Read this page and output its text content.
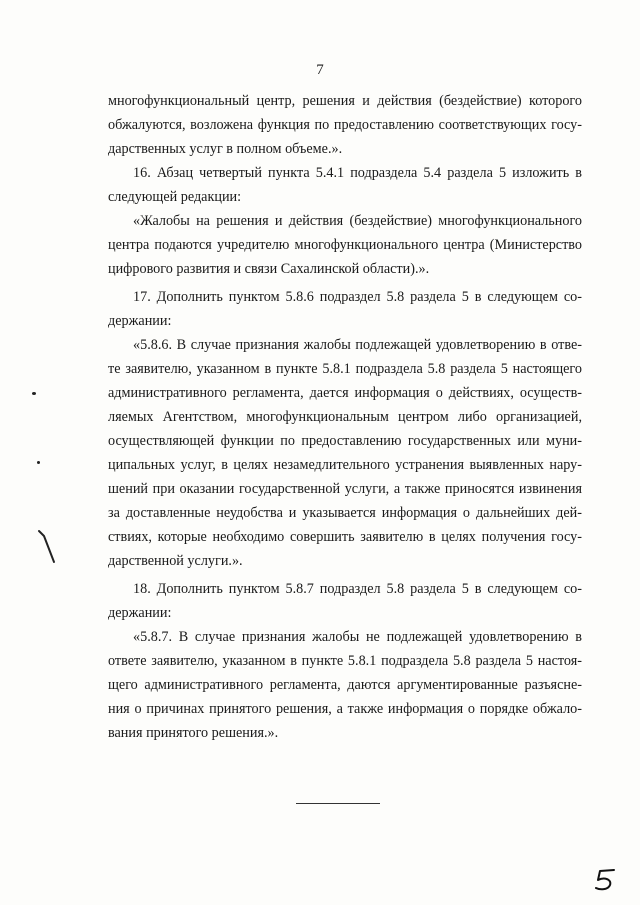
7
многофункциональный центр, решения и действия (бездействие) которого
обжалуются, возложена функция по предоставлению соответствующих госу-
дарственных услуг в полном объеме.».
16. Абзац четвертый пункта 5.4.1 подраздела 5.4 раздела 5 изложить в
следующей редакции:
«Жалобы на решения и действия (бездействие) многофункционального
центра подаются учредителю многофункционального центра (Министерство
цифрового развития и связи Сахалинской области).».
17. Дополнить пунктом 5.8.6 подраздел 5.8 раздела 5 в следующем со-
держании:
«5.8.6. В случае признания жалобы подлежащей удовлетворению в отве-
те заявителю, указанном в пункте 5.8.1 подраздела 5.8 раздела 5 настоящего
административного регламента, дается информация о действиях, осуществ-
ляемых Агентством, многофункциональным центром либо организацией,
осуществляющей функции по предоставлению государственных или муни-
ципальных услуг, в целях незамедлительного устранения выявленных нару-
шений при оказании государственной услуги, а также приносятся извинения
за доставленные неудобства и указывается информация о дальнейших дей-
ствиях, которые необходимо совершить заявителю в целях получения госу-
дарственной услуги.».
18. Дополнить пунктом 5.8.7 подраздел 5.8 раздела 5 в следующем со-
держании:
«5.8.7. В случае признания жалобы не подлежащей удовлетворению в
ответе заявителю, указанном в пункте 5.8.1 подраздела 5.8 раздела 5 настоя-
щего административного регламента, даются аргументированные разъясне-
ния о причинах принятого решения, а также информация о порядке обжало-
вания принятого решения.».
